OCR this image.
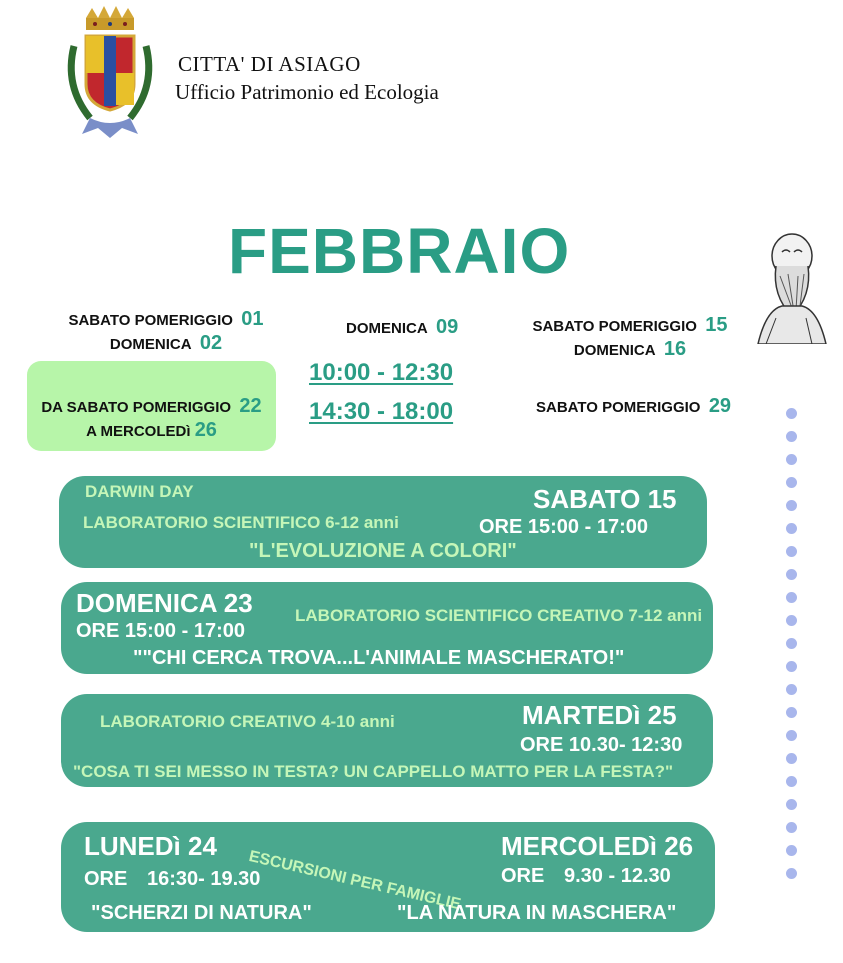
CITTA' DI ASIAGO
Ufficio Patrimonio ed Ecologia
FEBBRAIO
SABATO POMERIGGIO 01
DOMENICA 02
DA SABATO POMERIGGIO 22
A MERCOLEDì 26
DOMENICA 09
10:00 - 12:30
14:30 - 18:00
SABATO POMERIGGIO 15
DOMENICA 16
SABATO POMERIGGIO 29
DARWIN DAY
LABORATORIO SCIENTIFICO 6-12 anni
"L'EVOLUZIONE A COLORI"
SABATO 15
ORE 15:00 - 17:00
DOMENICA 23
ORE 15:00 - 17:00
LABORATORIO SCIENTIFICO CREATIVO 7-12 anni
""CHI CERCA TROVA...L'ANIMALE MASCHERATO!"
LABORATORIO CREATIVO 4-10 anni	MARTEDì 25
ORE 10.30- 12:30
"COSA TI SEI MESSO IN TESTA? UN CAPPELLO MATTO PER LA FESTA?"
LUNEDì 24
ORE 16:30- 19.30
"SCHERZI DI NATURA"
ESCURSIONI PER FAMIGLIE
MERCOLEDì 26
ORE 9.30 - 12.30
"LA NATURA IN MASCHERA"
